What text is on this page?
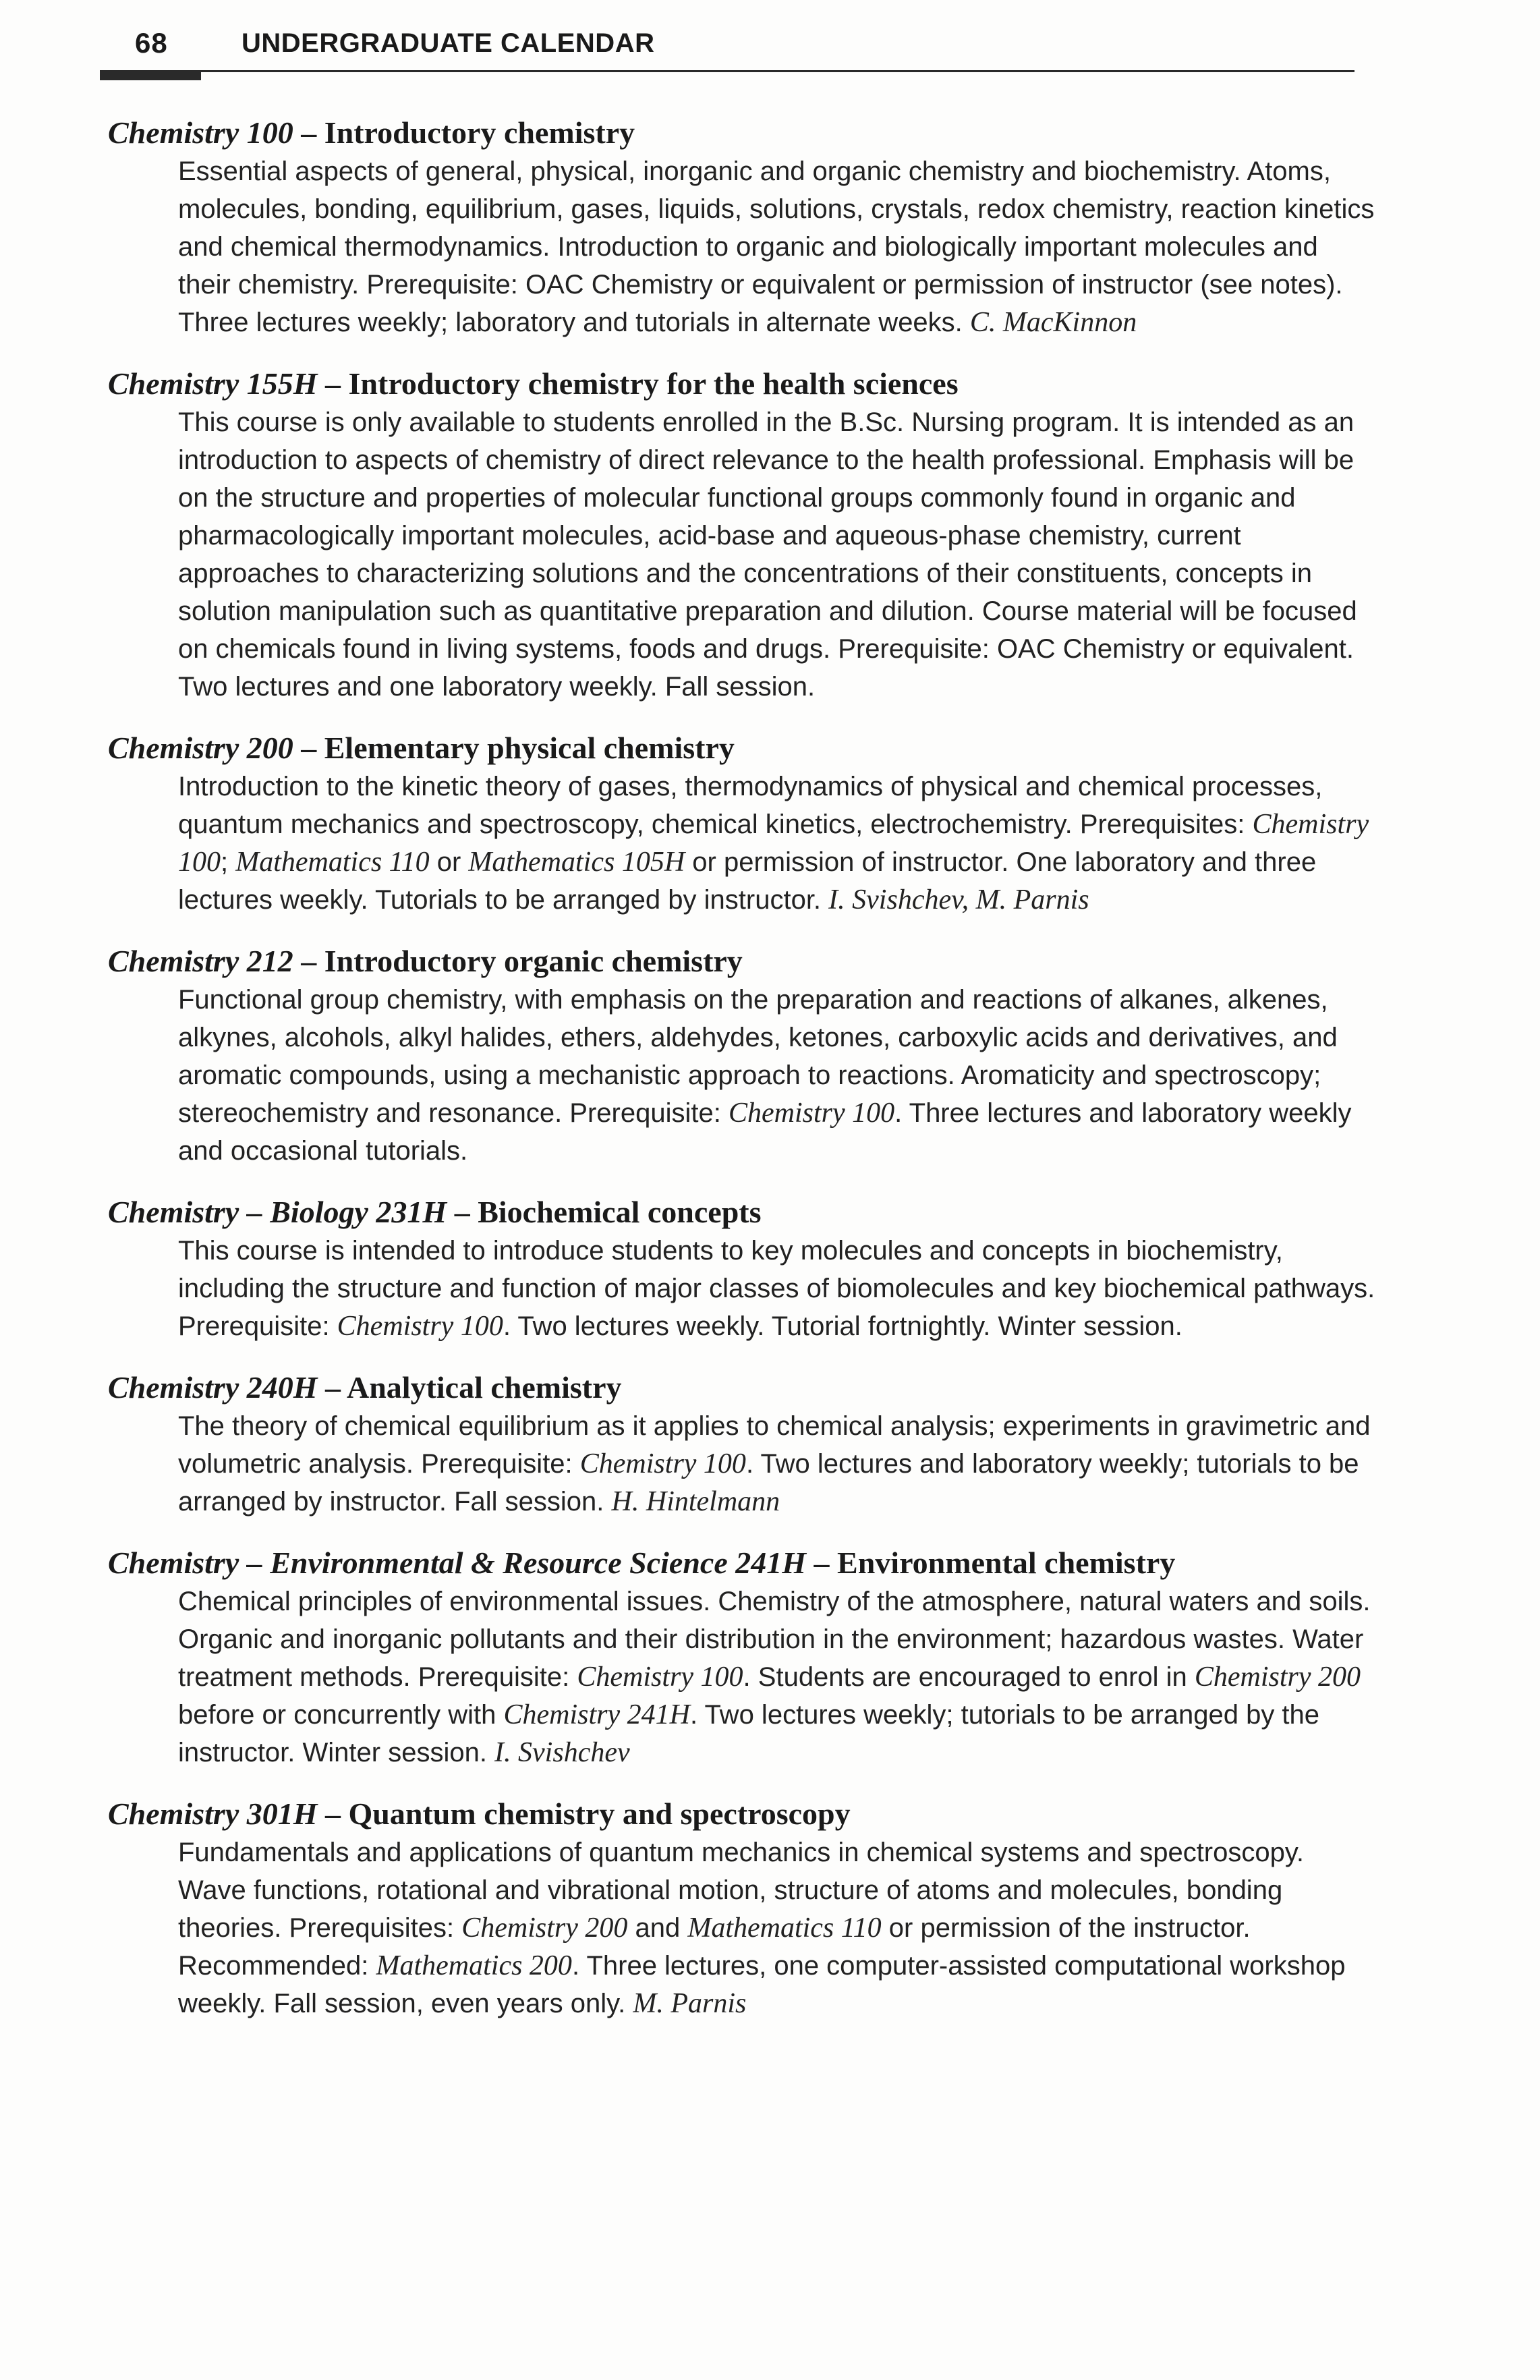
68	UNDERGRADUATE CALENDAR
Chemistry 100 – Introductory chemistry
Essential aspects of general, physical, inorganic and organic chemistry and biochemistry. Atoms, molecules, bonding, equilibrium, gases, liquids, solutions, crystals, redox chemistry, reaction kinetics and chemical thermodynamics. Introduction to organic and biologically important molecules and their chemistry. Prerequisite: OAC Chemistry or equivalent or permission of instructor (see notes). Three lectures weekly; laboratory and tutorials in alternate weeks. C. MacKinnon
Chemistry 155H – Introductory chemistry for the health sciences
This course is only available to students enrolled in the B.Sc. Nursing program. It is intended as an introduction to aspects of chemistry of direct relevance to the health professional. Emphasis will be on the structure and properties of molecular functional groups commonly found in organic and pharmacologically important molecules, acid-base and aqueous-phase chemistry, current approaches to characterizing solutions and the concentrations of their constituents, concepts in solution manipulation such as quantitative preparation and dilution. Course material will be focused on chemicals found in living systems, foods and drugs. Prerequisite: OAC Chemistry or equivalent. Two lectures and one laboratory weekly. Fall session.
Chemistry 200 – Elementary physical chemistry
Introduction to the kinetic theory of gases, thermodynamics of physical and chemical processes, quantum mechanics and spectroscopy, chemical kinetics, electrochemistry. Prerequisites: Chemistry 100; Mathematics 110 or Mathematics 105H or permission of instructor. One laboratory and three lectures weekly. Tutorials to be arranged by instructor. I. Svishchev, M. Parnis
Chemistry 212 – Introductory organic chemistry
Functional group chemistry, with emphasis on the preparation and reactions of alkanes, alkenes, alkynes, alcohols, alkyl halides, ethers, aldehydes, ketones, carboxylic acids and derivatives, and aromatic compounds, using a mechanistic approach to reactions. Aromaticity and spectroscopy; stereochemistry and resonance. Prerequisite: Chemistry 100. Three lectures and laboratory weekly and occasional tutorials.
Chemistry – Biology 231H – Biochemical concepts
This course is intended to introduce students to key molecules and concepts in biochemistry, including the structure and function of major classes of biomolecules and key biochemical pathways. Prerequisite: Chemistry 100. Two lectures weekly. Tutorial fortnightly. Winter session.
Chemistry 240H – Analytical chemistry
The theory of chemical equilibrium as it applies to chemical analysis; experiments in gravimetric and volumetric analysis. Prerequisite: Chemistry 100. Two lectures and laboratory weekly; tutorials to be arranged by instructor. Fall session. H. Hintelmann
Chemistry – Environmental & Resource Science 241H – Environmental chemistry
Chemical principles of environmental issues. Chemistry of the atmosphere, natural waters and soils. Organic and inorganic pollutants and their distribution in the environment; hazardous wastes. Water treatment methods. Prerequisite: Chemistry 100. Students are encouraged to enrol in Chemistry 200 before or concurrently with Chemistry 241H. Two lectures weekly; tutorials to be arranged by the instructor. Winter session. I. Svishchev
Chemistry 301H – Quantum chemistry and spectroscopy
Fundamentals and applications of quantum mechanics in chemical systems and spectroscopy. Wave functions, rotational and vibrational motion, structure of atoms and molecules, bonding theories. Prerequisites: Chemistry 200 and Mathematics 110 or permission of the instructor. Recommended: Mathematics 200. Three lectures, one computer-assisted computational workshop weekly. Fall session, even years only. M. Parnis
